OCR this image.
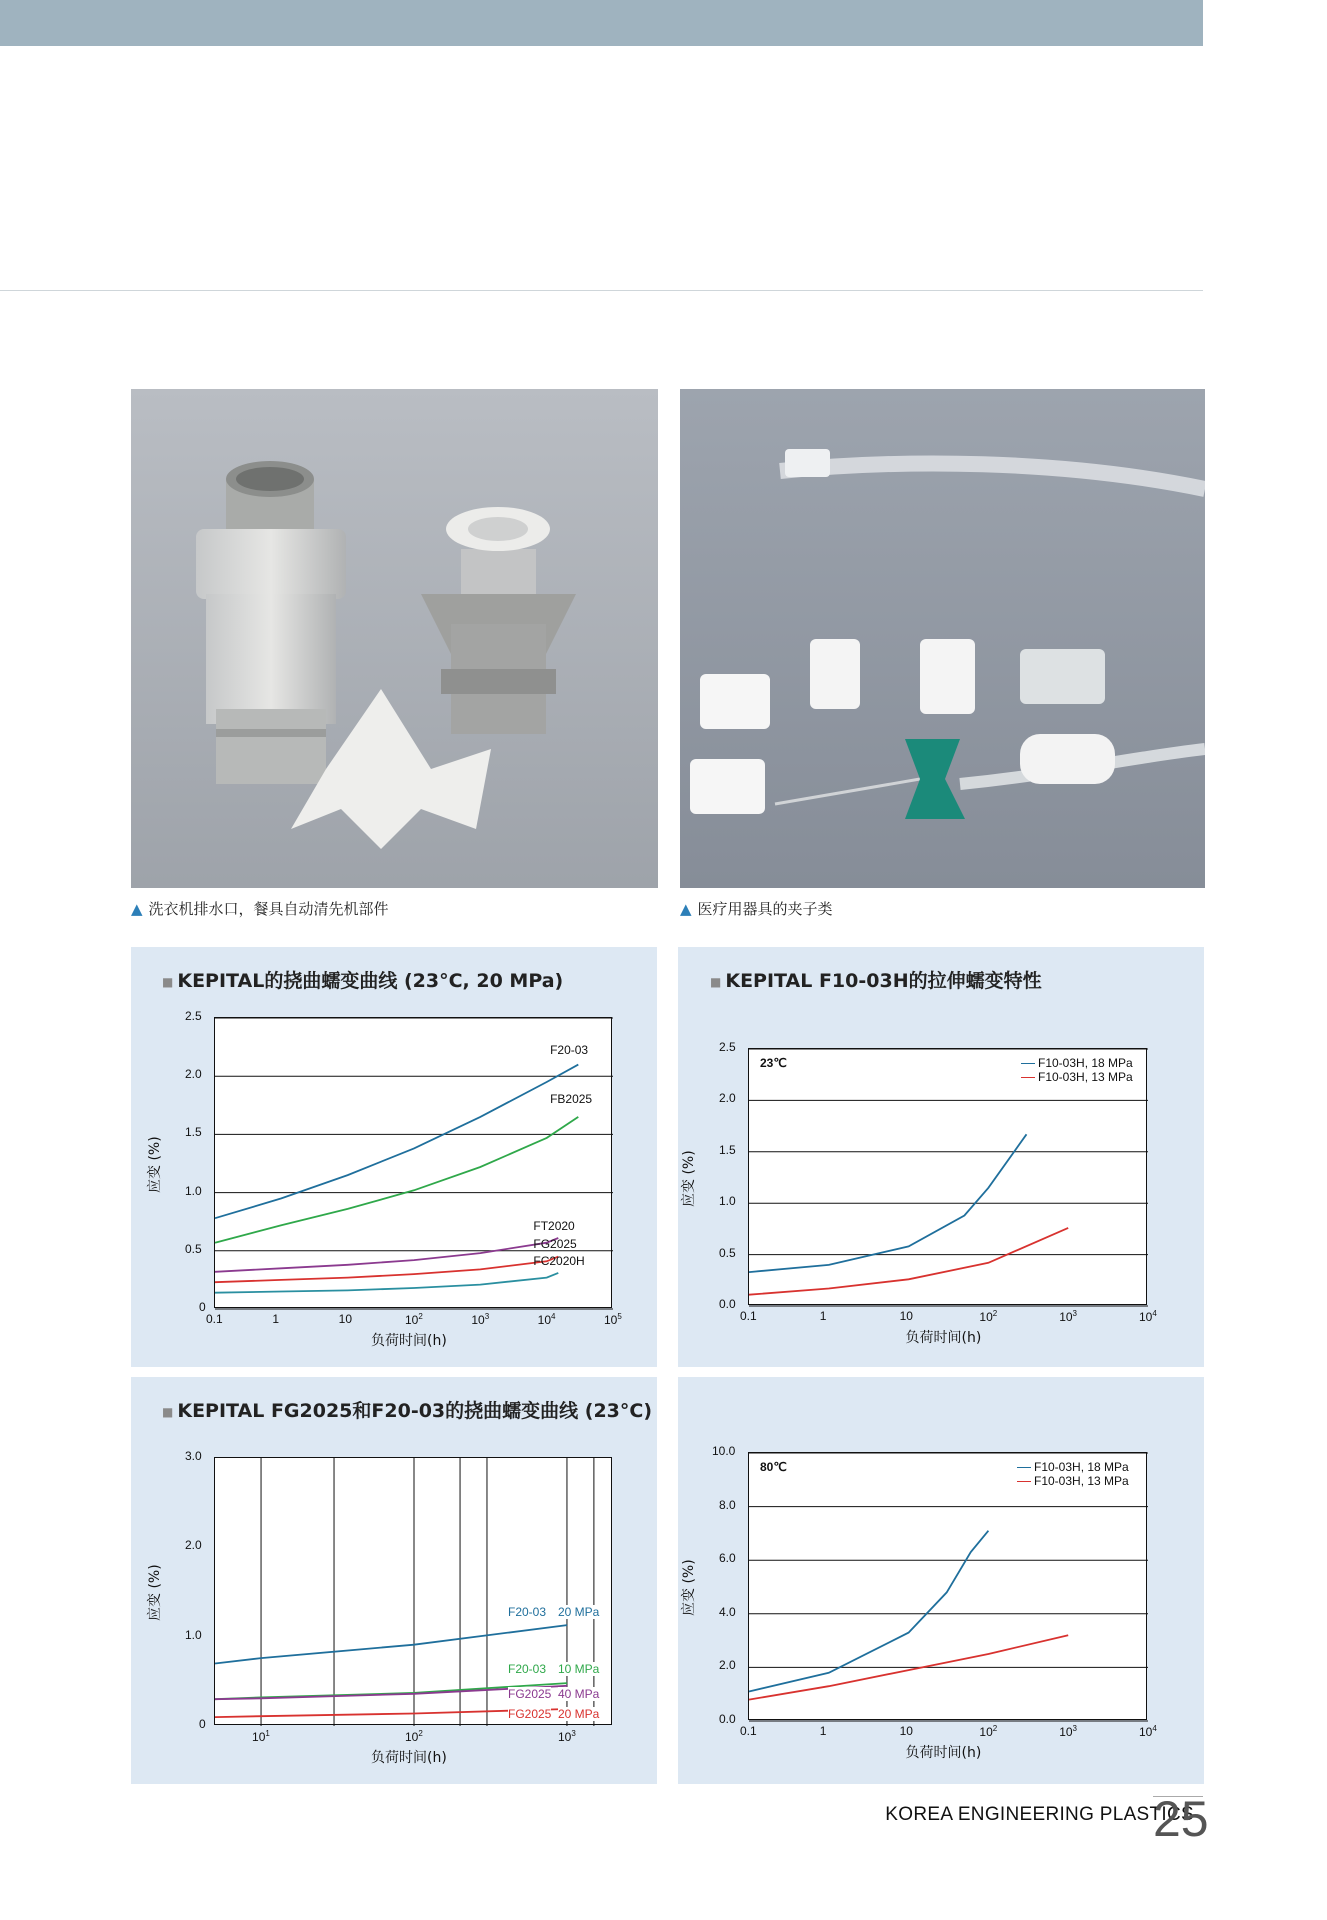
▲ 洗衣机排水口，餐具自动清先机部件	▲ 医疗用器具的夹子类
■ KEPITAL的挠曲蠕变曲线 (23°C, 20 MPa)	■ KEPITAL F10-03H的拉伸蠕变特性
■ KEPITAL FG2025和F20-03的挠曲蠕变曲线 (23°C)
KOREA ENGINEERING PLASTICS
25
2.5
2.0
1.5
1.0
0.5
0
0.1	1	10	$10^2$	$10^3$	$10^4$	$10^5$
负荷时间(h)
应变 (%)
F20-03
FB2025
FT2020
FG2025
FC2020H
2.5
2.0
1.5
1.0
0.5
0.0
0.1	1	10	$10^2$	$10^3$	$10^4$
负荷时间(h)
应变 (%)
23℃	F10-03H, 18 MPa
F10-03H, 13 MPa
3.0
2.0
1.0
0
$10^1$	$10^2$	$10^3$
负荷时间(h)
应变 (%)	F20-03 20 MPa
F20-03 10 MPa
FG2025 40 MPa
FG2025 20 MPa
10.0
8.0
6.0
4.0
2.0
0.0
0.1	1	10	$10^2$	$10^3$	$10^4$
负荷时间(h)
应变 (%)
80℃	F10-03H, 18 MPa
F10-03H, 13 MPa
